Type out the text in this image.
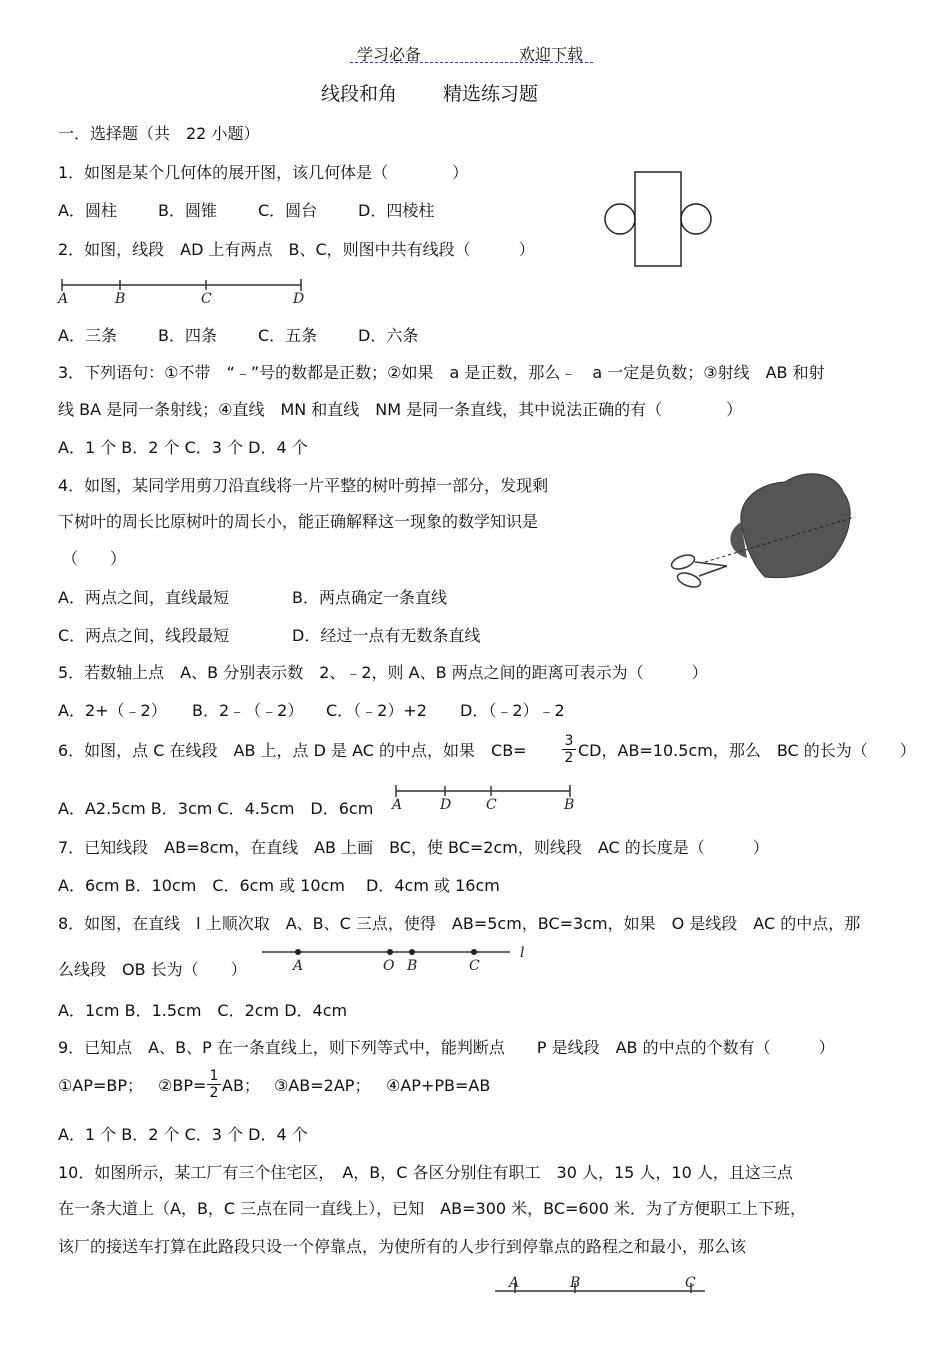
学习必备	欢迎下载
线段和角 精选练习题
一．选择题（共　22 小题）
1．如图是某个几何体的展开图，该几何体是（　　　　）
A．圆柱	B．圆锥	C．圆台	D．四棱柱
2．如图，线段　AD 上有两点　B、C，则图中共有线段（　　　）
A	B	C	D
A．三条	B．四条	C．五条	D．六条
3．下列语句：①不带　“﹣”号的数都是正数；②如果　a 是正数，那么﹣　a 一定是负数；③射线　AB 和射
线 BA 是同一条射线；④直线　MN 和直线　NM 是同一条直线，其中说法正确的有（　　　　）
A．1 个 B．2 个 C．3 个 D．4 个
4．如图，某同学用剪刀沿直线将一片平整的树叶剪掉一部分，发现剩
下树叶的周长比原树叶的周长小，能正确解释这一现象的数学知识是
（　　）
A．两点之间，直线最短	B．两点确定一条直线
C．两点之间，线段最短	D．经过一点有无数条直线
5．若数轴上点　A、B 分别表示数　2、﹣2，则 A、B 两点之间的距离可表示为（　　　）
A．2+（﹣2） B．2﹣（﹣2） C．（﹣2）+2 D．（﹣2）﹣2
6．如图，点 C 在线段　AB 上，点 D 是 AC 的中点，如果　CB=	$\frac{3}{2}$ CD，AB=10.5cm，那么　BC 的长为（　　）
A	D C	B
A．A2.5cm B．3cm C．4.5cm　D．6cm
7．已知线段　AB=8cm，在直线　AB 上画　BC，使 BC=2cm，则线段　AC 的长度是（　　　）
A．6cm B．10cm　C．6cm 或 10cm　 D．4cm 或 16cm
8．如图，在直线　l 上顺次取　A、B、C 三点，使得　AB=5cm，BC=3cm，如果　O 是线段　AC 的中点，那
A	O B	C
l
么线段　OB 长为（　　）
A．1cm B．1.5cm　C．2cm D．4cm
9．已知点　A、B、P 在一条直线上，则下列等式中，能判断点　　P 是线段　AB 的中点的个数有（　　　）
①AP=BP； ②BP= $\frac{1}{2}$ AB； ③AB=2AP； ④AP+PB=AB
A．1 个 B．2 个 C．3 个 D．4 个
10．如图所示，某工厂有三个住宅区，　A，B，C 各区分别住有职工　30 人，15 人，10 人，且这三点
在一条大道上（A，B，C 三点在同一直线上），已知　AB=300 米，BC=600 米．为了方便职工上下班，
该厂的接送车打算在此路段只设一个停靠点，为使所有的人步行到停靠点的路程之和最小，那么该
A	B	C
